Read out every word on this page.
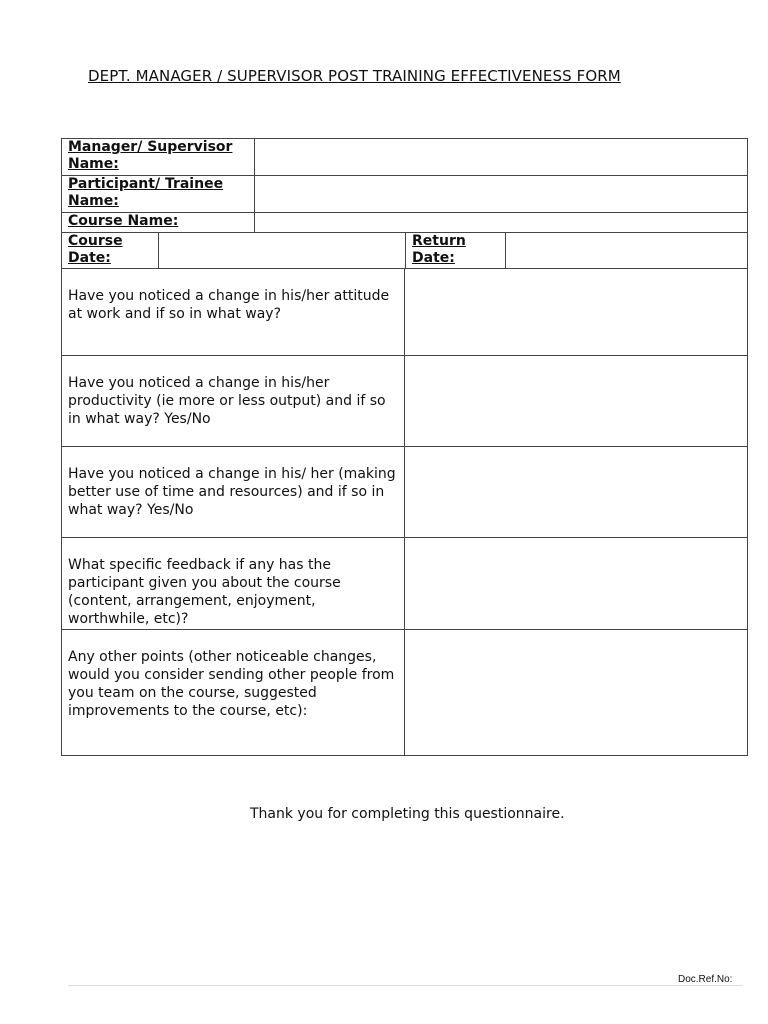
DEPT. MANAGER / SUPERVISOR POST TRAINING EFFECTIVENESS FORM
Manager/ Supervisor Name:				
Participant/ Trainee Name:				
Course Name:				
Course Date:			Return Date:	
Have you noticed a change in his/her attitude at work and if so in what way?	
Have you noticed a change in his/her productivity (ie more or less output) and if so in what way? Yes/No	
Have you noticed a change in his/ her (making better use of time and resources) and if so in what way? Yes/No	
What specific feedback if any has the participant given you about the course (content, arrangement, enjoyment, worthwhile, etc)?	
Any other points (other noticeable changes, would you consider sending other people from you team on the course, suggested improvements to the course, etc):	
Thank you for completing this questionnaire.
Doc.Ref.No:
